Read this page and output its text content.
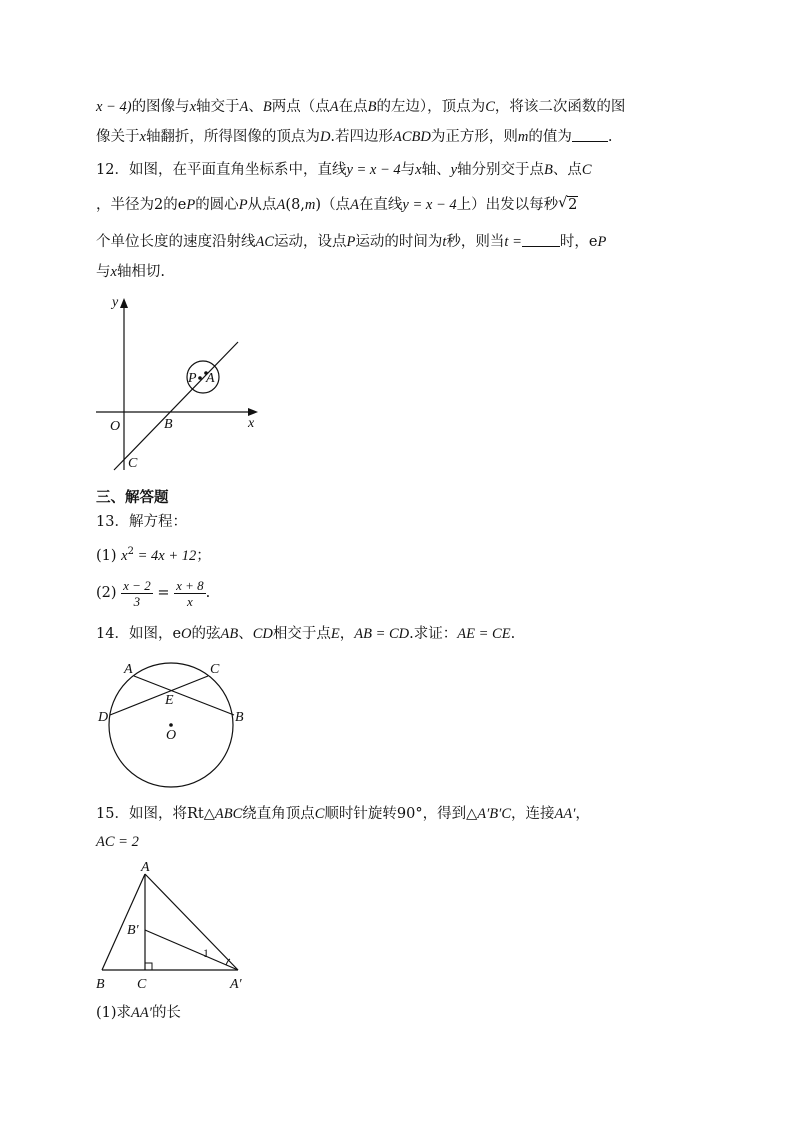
x − 4)的图像与x轴交于A、B两点（点A在点B的左边），顶点为C，将该二次函数的图
像关于x轴翻折，所得图像的顶点为D.若四边形ACBD为正方形，则m的值为 .
12．如图，在平面直角坐标系中，直线y = x − 4与x轴、y轴分别交于点B、点C
，半径为2的eP的圆心P从点A(8,m)（点A在直线y = x − 4上）出发以每秒√ 2
个单位长度的速度沿射线AC运动，设点P运动的时间为t秒，则当t =	时，eP
与x轴相切.
y
x
O	B
C
P A
三、解答题
13．解方程：
(1) $x^2 = 4x + 12$；
$(2) \frac{x - 2}{3} = \frac{x + 8}{x}$ .
14．如图，eO的弦AB、CD相交于点E，AB = CD.求证：AE = CE.
A	C
E
D	B
O
15．如图，将Rt△ABC绕直角顶点C顺时针旋转90°，得到△A′B′C，连接AA′，
AC = 2
A
B′
1
B C	A′
(1)求AA′的长
